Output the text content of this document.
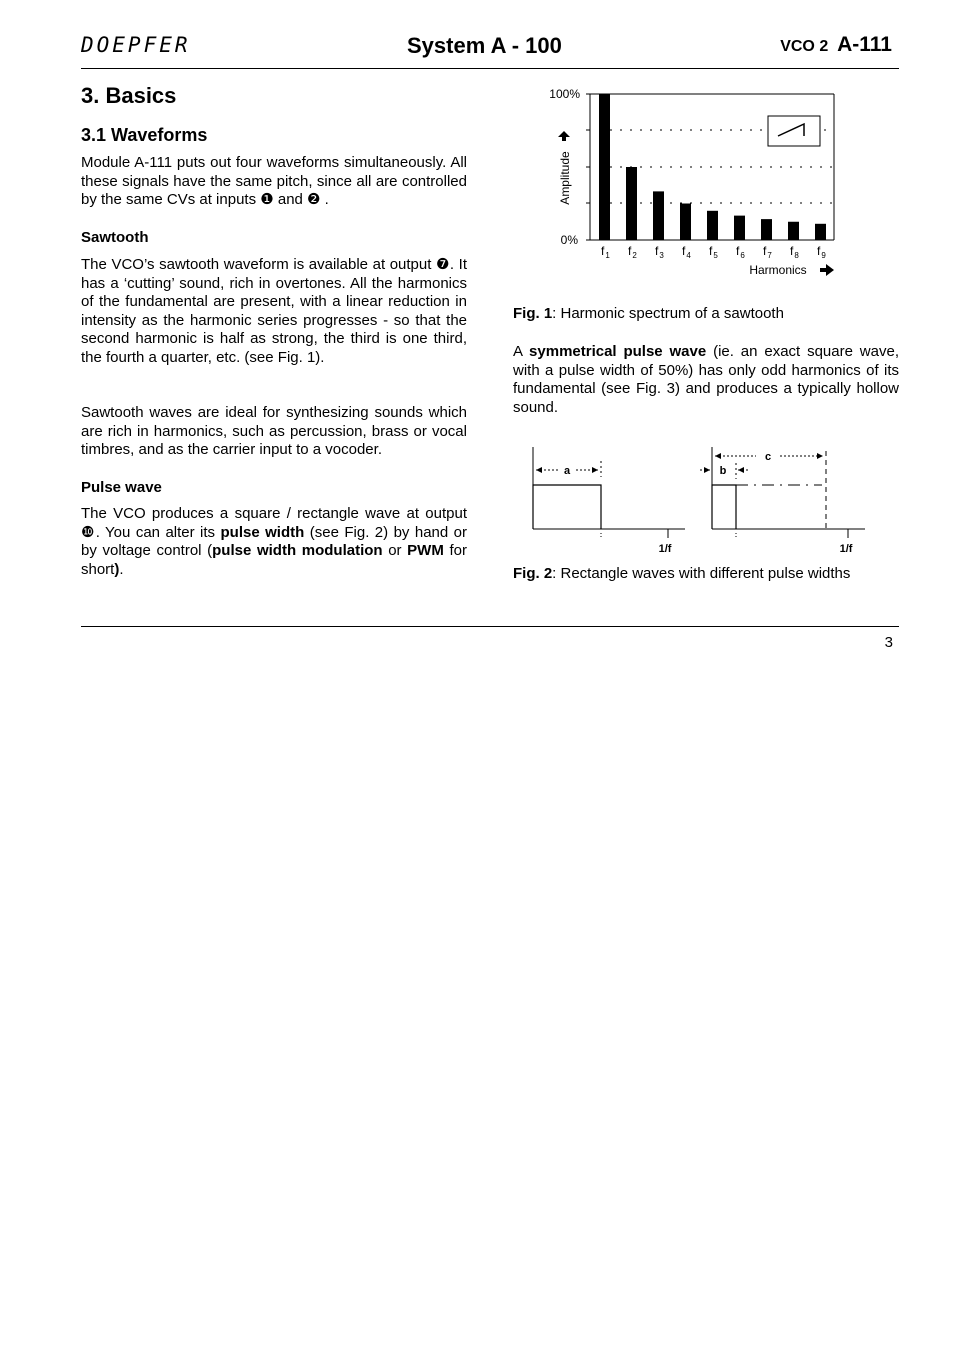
DOEPFER	System A - 100	VCO 2 A-111
3. Basics
3.1 Waveforms

Module A-111 puts out four waveforms simultaneously. All these signals have the same pitch, since all are controlled by the same CVs at inputs ❶ and ❷ .

Sawtooth

The VCO’s sawtooth waveform is available at output ❼. It has a ‘cutting’ sound, rich in overtones. All the harmonics of the fundamental are present, with a linear reduction in intensity as the harmonic series progresses - so that the second harmonic is half as strong, the third is one third, the fourth a quarter, etc. (see Fig. 1).

Sawtooth waves are ideal for synthesizing sounds which are rich in harmonics, such as percussion, brass or vocal timbres, and as the carrier input to a vocoder.

Pulse wave

The VCO produces a square / rectangle wave at output ❿. You can alter its pulse width (see Fig. 2) by hand or by voltage control (pulse width modulation or PWM for short).

100%
0%
Amplitude
$f_1$ $f_2$ $f_3$ $f_4$ $f_5$ $f_6$ $f_7$ $f_8$ $f_9$
Harmonics
Fig. 1: Harmonic spectrum of a sawtooth

A symmetrical pulse wave (ie. an exact square wave, with a pulse width of 50%) has only odd harmonics of its fundamental (see Fig. 3) and produces a typically hollow sound.

a
1/f
c
b
1/f
Fig. 2: Rectangle waves with different pulse widths
3
